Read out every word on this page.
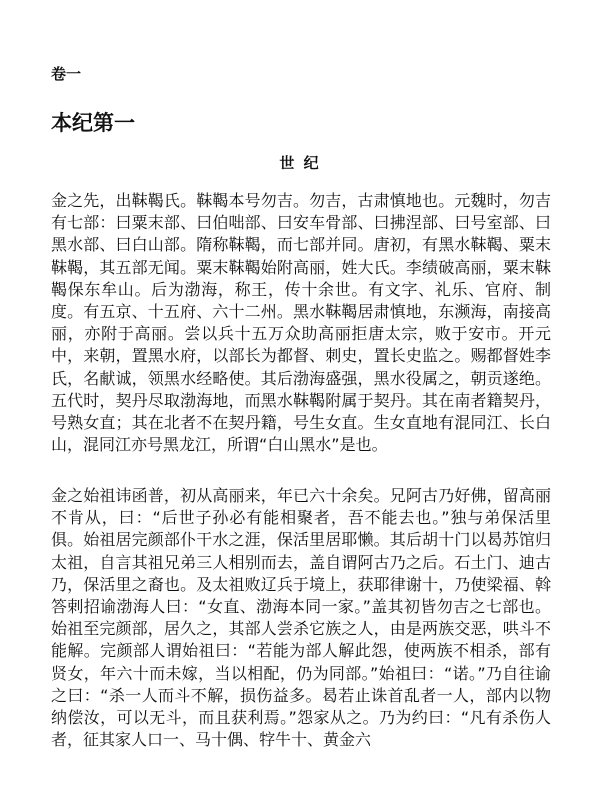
卷一
本纪第一
世 纪

金之先，出靺鞨氏。靺鞨本号勿吉。勿吉，古肃慎地也。元魏时，勿吉有七部：曰粟末部、曰伯咄部、曰安车骨部、曰拂涅部、曰号室部、曰黑水部、曰白山部。隋称靺鞨，而七部并同。唐初，有黑水靺鞨、粟末靺鞨，其五部无闻。粟末靺鞨始附高丽，姓大氏。李绩破高丽，粟末靺鞨保东牟山。后为渤海，称王，传十余世。有文字、礼乐、官府、制度。有五京、十五府、六十二州。黑水靺鞨居肃慎地，东濒海，南接高丽，亦附于高丽。尝以兵十五万众助高丽拒唐太宗，败于安市。开元中，来朝，置黑水府，以部长为都督、刺史，置长史监之。赐都督姓李氏，名献诚，领黑水经略使。其后渤海盛强，黑水役属之，朝贡遂绝。五代时，契丹尽取渤海地，而黑水靺鞨附属于契丹。其在南者籍契丹，号熟女直；其在北者不在契丹籍，号生女直。生女直地有混同江、长白山，混同江亦号黑龙江，所谓“白山黑水”是也。

金之始祖讳函普，初从高丽来，年已六十余矣。兄阿古乃好佛，留高丽不肯从，曰：“后世子孙必有能相聚者，吾不能去也。”独与弟保活里俱。始祖居完颜部仆干水之涯，保活里居耶懒。其后胡十门以曷苏馆归太祖，自言其祖兄弟三人相别而去，盖自谓阿古乃之后。石土门、迪古乃，保活里之裔也。及太祖败辽兵于境上，获耶律谢十，乃使梁福、斡答剌招谕渤海人曰：“女直、渤海本同一家。”盖其初皆勿吉之七部也。始祖至完颜部，居久之，其部人尝杀它族之人，由是两族交恶，哄斗不能解。完颜部人谓始祖曰：“若能为部人解此怨，使两族不相杀，部有贤女，年六十而未嫁，当以相配，仍为同部。”始祖曰：“诺。”乃自往谕之曰：“杀一人而斗不解，损伤益多。曷若止诛首乱者一人，部内以物纳偿汝，可以无斗，而且获利焉。”怨家从之。乃为约曰：“凡有杀伤人者，征其家人口一、马十偶、牸牛十、黄金六
